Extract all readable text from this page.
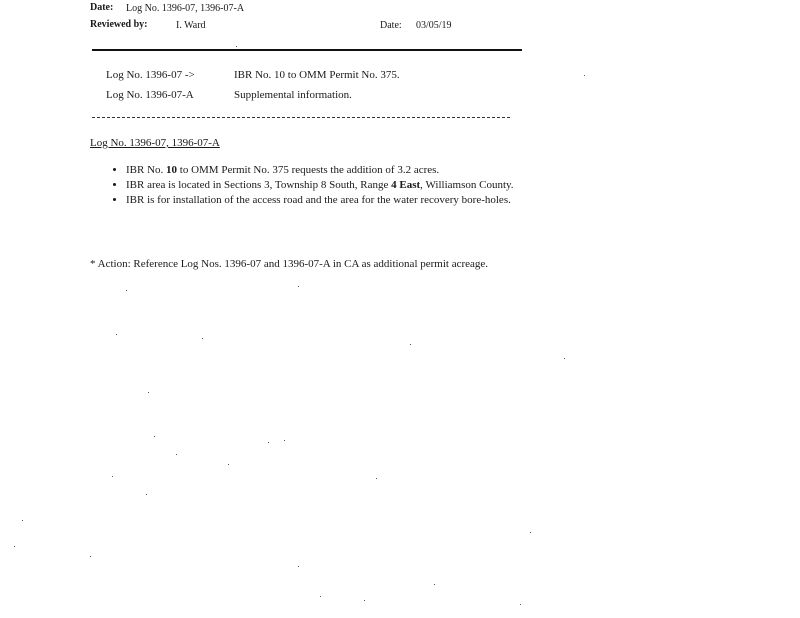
Date: Log No. 1396-07, 1396-07-A
Reviewed by:	I. Ward	Date: 03/05/19
Log No. 1396-07 ->	IBR No. 10 to OMM Permit No. 375.
Log No. 1396-07-A	Supplemental information.
Log No. 1396-07, 1396-07-A
• IBR No. 10 to OMM Permit No. 375 requests the addition of 3.2 acres.
• IBR area is located in Sections 3, Township 8 South, Range 4 East, Williamson County.
• IBR is for installation of the access road and the area for the water recovery bore-holes.
* Action: Reference Log Nos. 1396-07 and 1396-07-A in CA as additional permit acreage.
